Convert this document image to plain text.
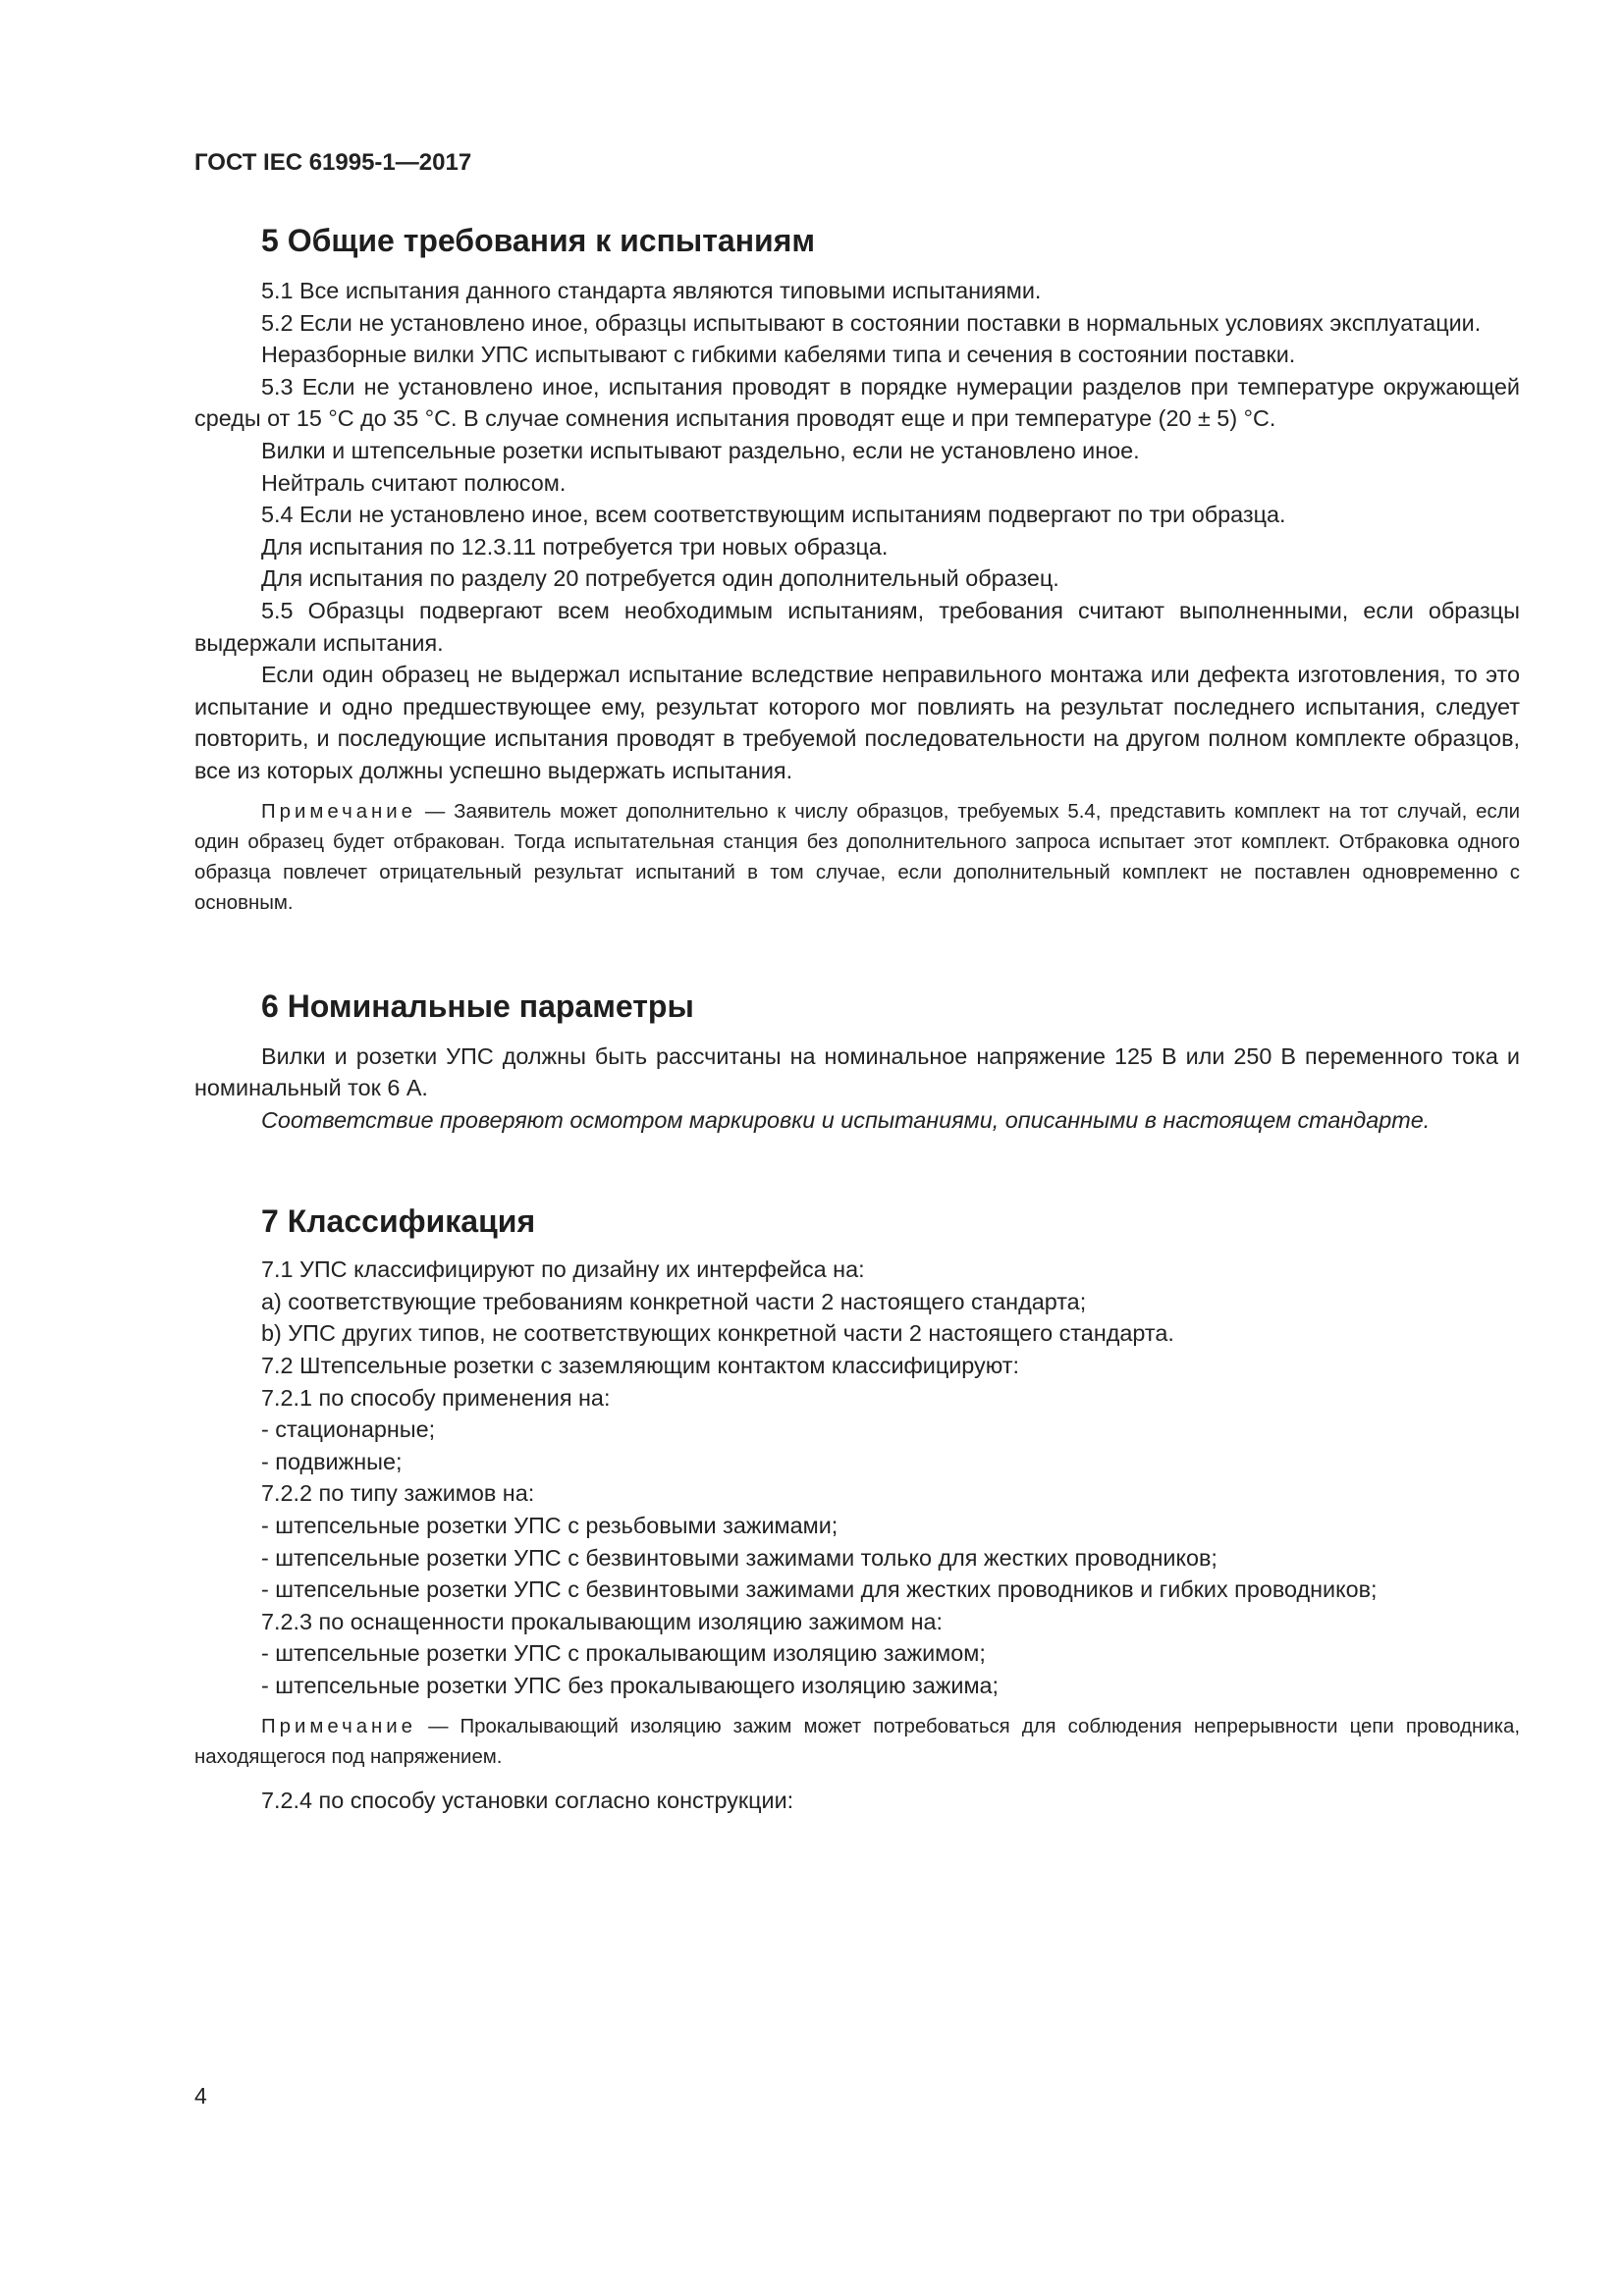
ГОСТ IEC 61995-1—2017
5 Общие требования к испытаниям

5.1 Все испытания данного стандарта являются типовыми испытаниями.

5.2 Если не установлено иное, образцы испытывают в состоянии поставки в нормальных условиях эксплуатации.

Неразборные вилки УПС испытывают с гибкими кабелями типа и сечения в состоянии поставки.

5.3 Если не установлено иное, испытания проводят в порядке нумерации разделов при температуре окружающей среды от 15 °С до 35 °С. В случае сомнения испытания проводят еще и при температуре (20 ± 5) °С.

Вилки и штепсельные розетки испытывают раздельно, если не установлено иное.

Нейтраль считают полюсом.

5.4 Если не установлено иное, всем соответствующим испытаниям подвергают по три образца.

Для испытания по 12.3.11 потребуется три новых образца.

Для испытания по разделу 20 потребуется один дополнительный образец.

5.5 Образцы подвергают всем необходимым испытаниям, требования считают выполненными, если образцы выдержали испытания.

Если один образец не выдержал испытание вследствие неправильного монтажа или дефекта изготовления, то это испытание и одно предшествующее ему, результат которого мог повлиять на результат последнего испытания, следует повторить, и последующие испытания проводят в требуемой последовательности на другом полном комплекте образцов, все из которых должны успешно выдержать испытания.

Примечание — Заявитель может дополнительно к числу образцов, требуемых 5.4, представить комплект на тот случай, если один образец будет отбракован. Тогда испытательная станция без дополнительного запроса испытает этот комплект. Отбраковка одного образца повлечет отрицательный результат испытаний в том случае, если дополнительный комплект не поставлен одновременно с основным.

6 Номинальные параметры

Вилки и розетки УПС должны быть рассчитаны на номинальное напряжение 125 В или 250 В переменного тока и номинальный ток 6 А.

Соответствие проверяют осмотром маркировки и испытаниями, описанными в настоящем стандарте.

7 Классификация

7.1 УПС классифицируют по дизайну их интерфейса на:

a) соответствующие требованиям конкретной части 2 настоящего стандарта;

b) УПС других типов, не соответствующих конкретной части 2 настоящего стандарта.

7.2 Штепсельные розетки с заземляющим контактом классифицируют:

7.2.1 по способу применения на:

- стационарные;

- подвижные;

7.2.2 по типу зажимов на:

- штепсельные розетки УПС с резьбовыми зажимами;

- штепсельные розетки УПС с безвинтовыми зажимами только для жестких проводников;

- штепсельные розетки УПС с безвинтовыми зажимами для жестких проводников и гибких проводников;

7.2.3 по оснащенности прокалывающим изоляцию зажимом на:

- штепсельные розетки УПС с прокалывающим изоляцию зажимом;

- штепсельные розетки УПС без прокалывающего изоляцию зажима;

Примечание — Прокалывающий изоляцию зажим может потребоваться для соблюдения непрерывности цепи проводника, находящегося под напряжением.

7.2.4 по способу установки согласно конструкции:

4
